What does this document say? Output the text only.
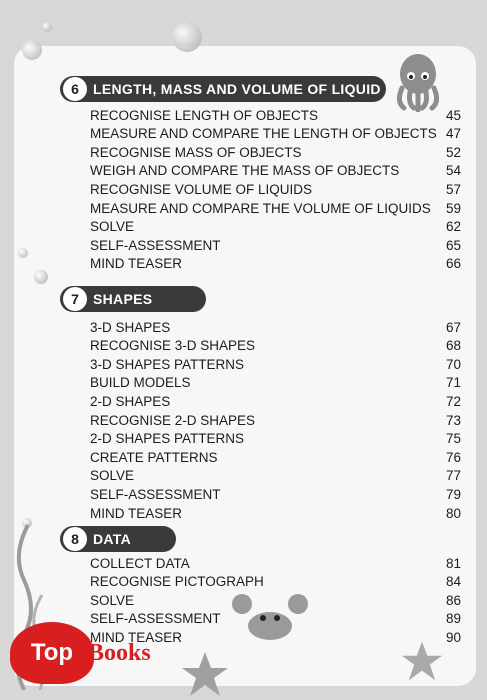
6	LENGTH, MASS AND VOLUME OF LIQUID
RECOGNISE LENGTH OF OBJECTS	45
MEASURE AND COMPARE THE LENGTH OF OBJECTS 47
RECOGNISE MASS OF OBJECTS	52
WEIGH AND COMPARE THE MASS OF OBJECTS	54
RECOGNISE VOLUME OF LIQUIDS	57
MEASURE AND COMPARE THE VOLUME OF LIQUIDS	59
SOLVE	62
SELF-ASSESSMENT	65
MIND TEASER	66
7	SHAPES
3-D SHAPES	67
RECOGNISE 3-D SHAPES	68
3-D SHAPES PATTERNS	70
BUILD MODELS	71
2-D SHAPES	72
RECOGNISE 2-D SHAPES	73
2-D SHAPES PATTERNS	75
CREATE PATTERNS	76
SOLVE	77
SELF-ASSESSMENT	79
MIND TEASER	80
8	DATA
COLLECT DATA	81
RECOGNISE PICTOGRAPH	84
SOLVE	86
SELF-ASSESSMENT	89
MIND TEASER	90
Top Books
